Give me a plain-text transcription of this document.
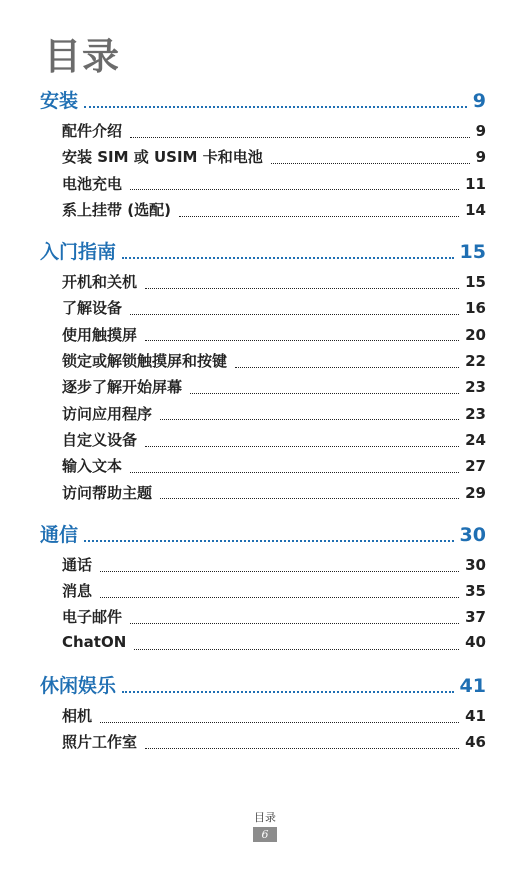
目录
安装	9
配件介绍	9
安装 SIM 或 USIM 卡和电池	9
电池充电	11
系上挂带 (选配)	14
入门指南	15
开机和关机	15
了解设备	16
使用触摸屏	20
锁定或解锁触摸屏和按键	22
逐步了解开始屏幕	23
访问应用程序	23
自定义设备	24
输入文本	27
访问帮助主题	29
通信	30
通话	30
消息	35
电子邮件	37
ChatON	40
休闲娱乐	41
相机	41
照片工作室	46
目录
6
